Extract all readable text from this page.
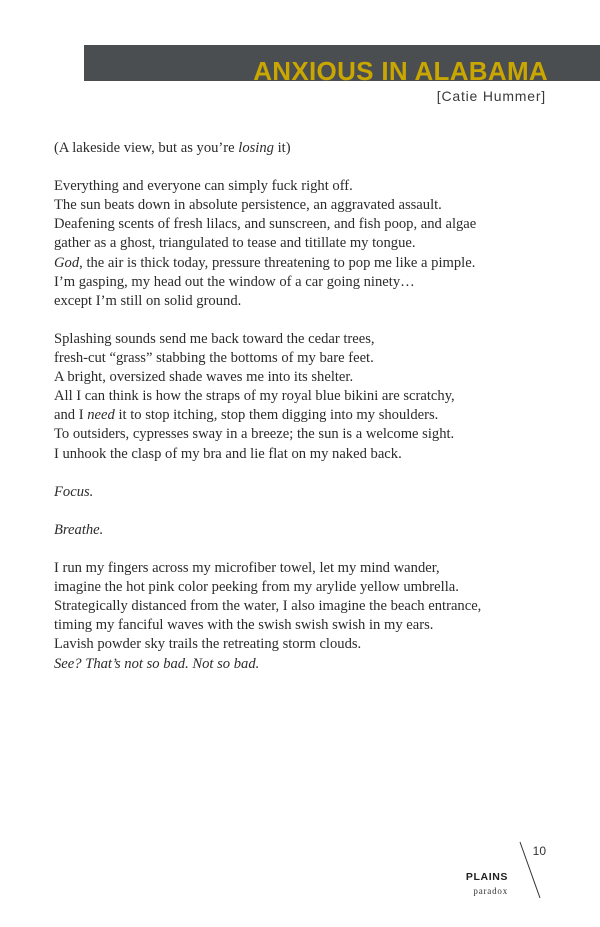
ANXIOUS IN ALABAMA
[Catie Hummer]
(A lakeside view, but as you’re losing it)
Everything and everyone can simply fuck right off.
The sun beats down in absolute persistence, an aggravated assault.
Deafening scents of fresh lilacs, and sunscreen, and fish poop, and algae
gather as a ghost, triangulated to tease and titillate my tongue.
God, the air is thick today, pressure threatening to pop me like a pimple.
I’m gasping, my head out the window of a car going ninety…
except I’m still on solid ground.
Splashing sounds send me back toward the cedar trees,
fresh-cut “grass” stabbing the bottoms of my bare feet.
A bright, oversized shade waves me into its shelter.
All I can think is how the straps of my royal blue bikini are scratchy,
and I need it to stop itching, stop them digging into my shoulders.
To outsiders, cypresses sway in a breeze; the sun is a welcome sight.
I unhook the clasp of my bra and lie flat on my naked back.
Focus.
Breathe.
I run my fingers across my microfiber towel, let my mind wander,
imagine the hot pink color peeking from my arylide yellow umbrella.
Strategically distanced from the water, I also imagine the beach entrance,
timing my fanciful waves with the swish swish swish in my ears.
Lavish powder sky trails the retreating storm clouds.
See? That’s not so bad. Not so bad.
PLAINS
paradox
10
